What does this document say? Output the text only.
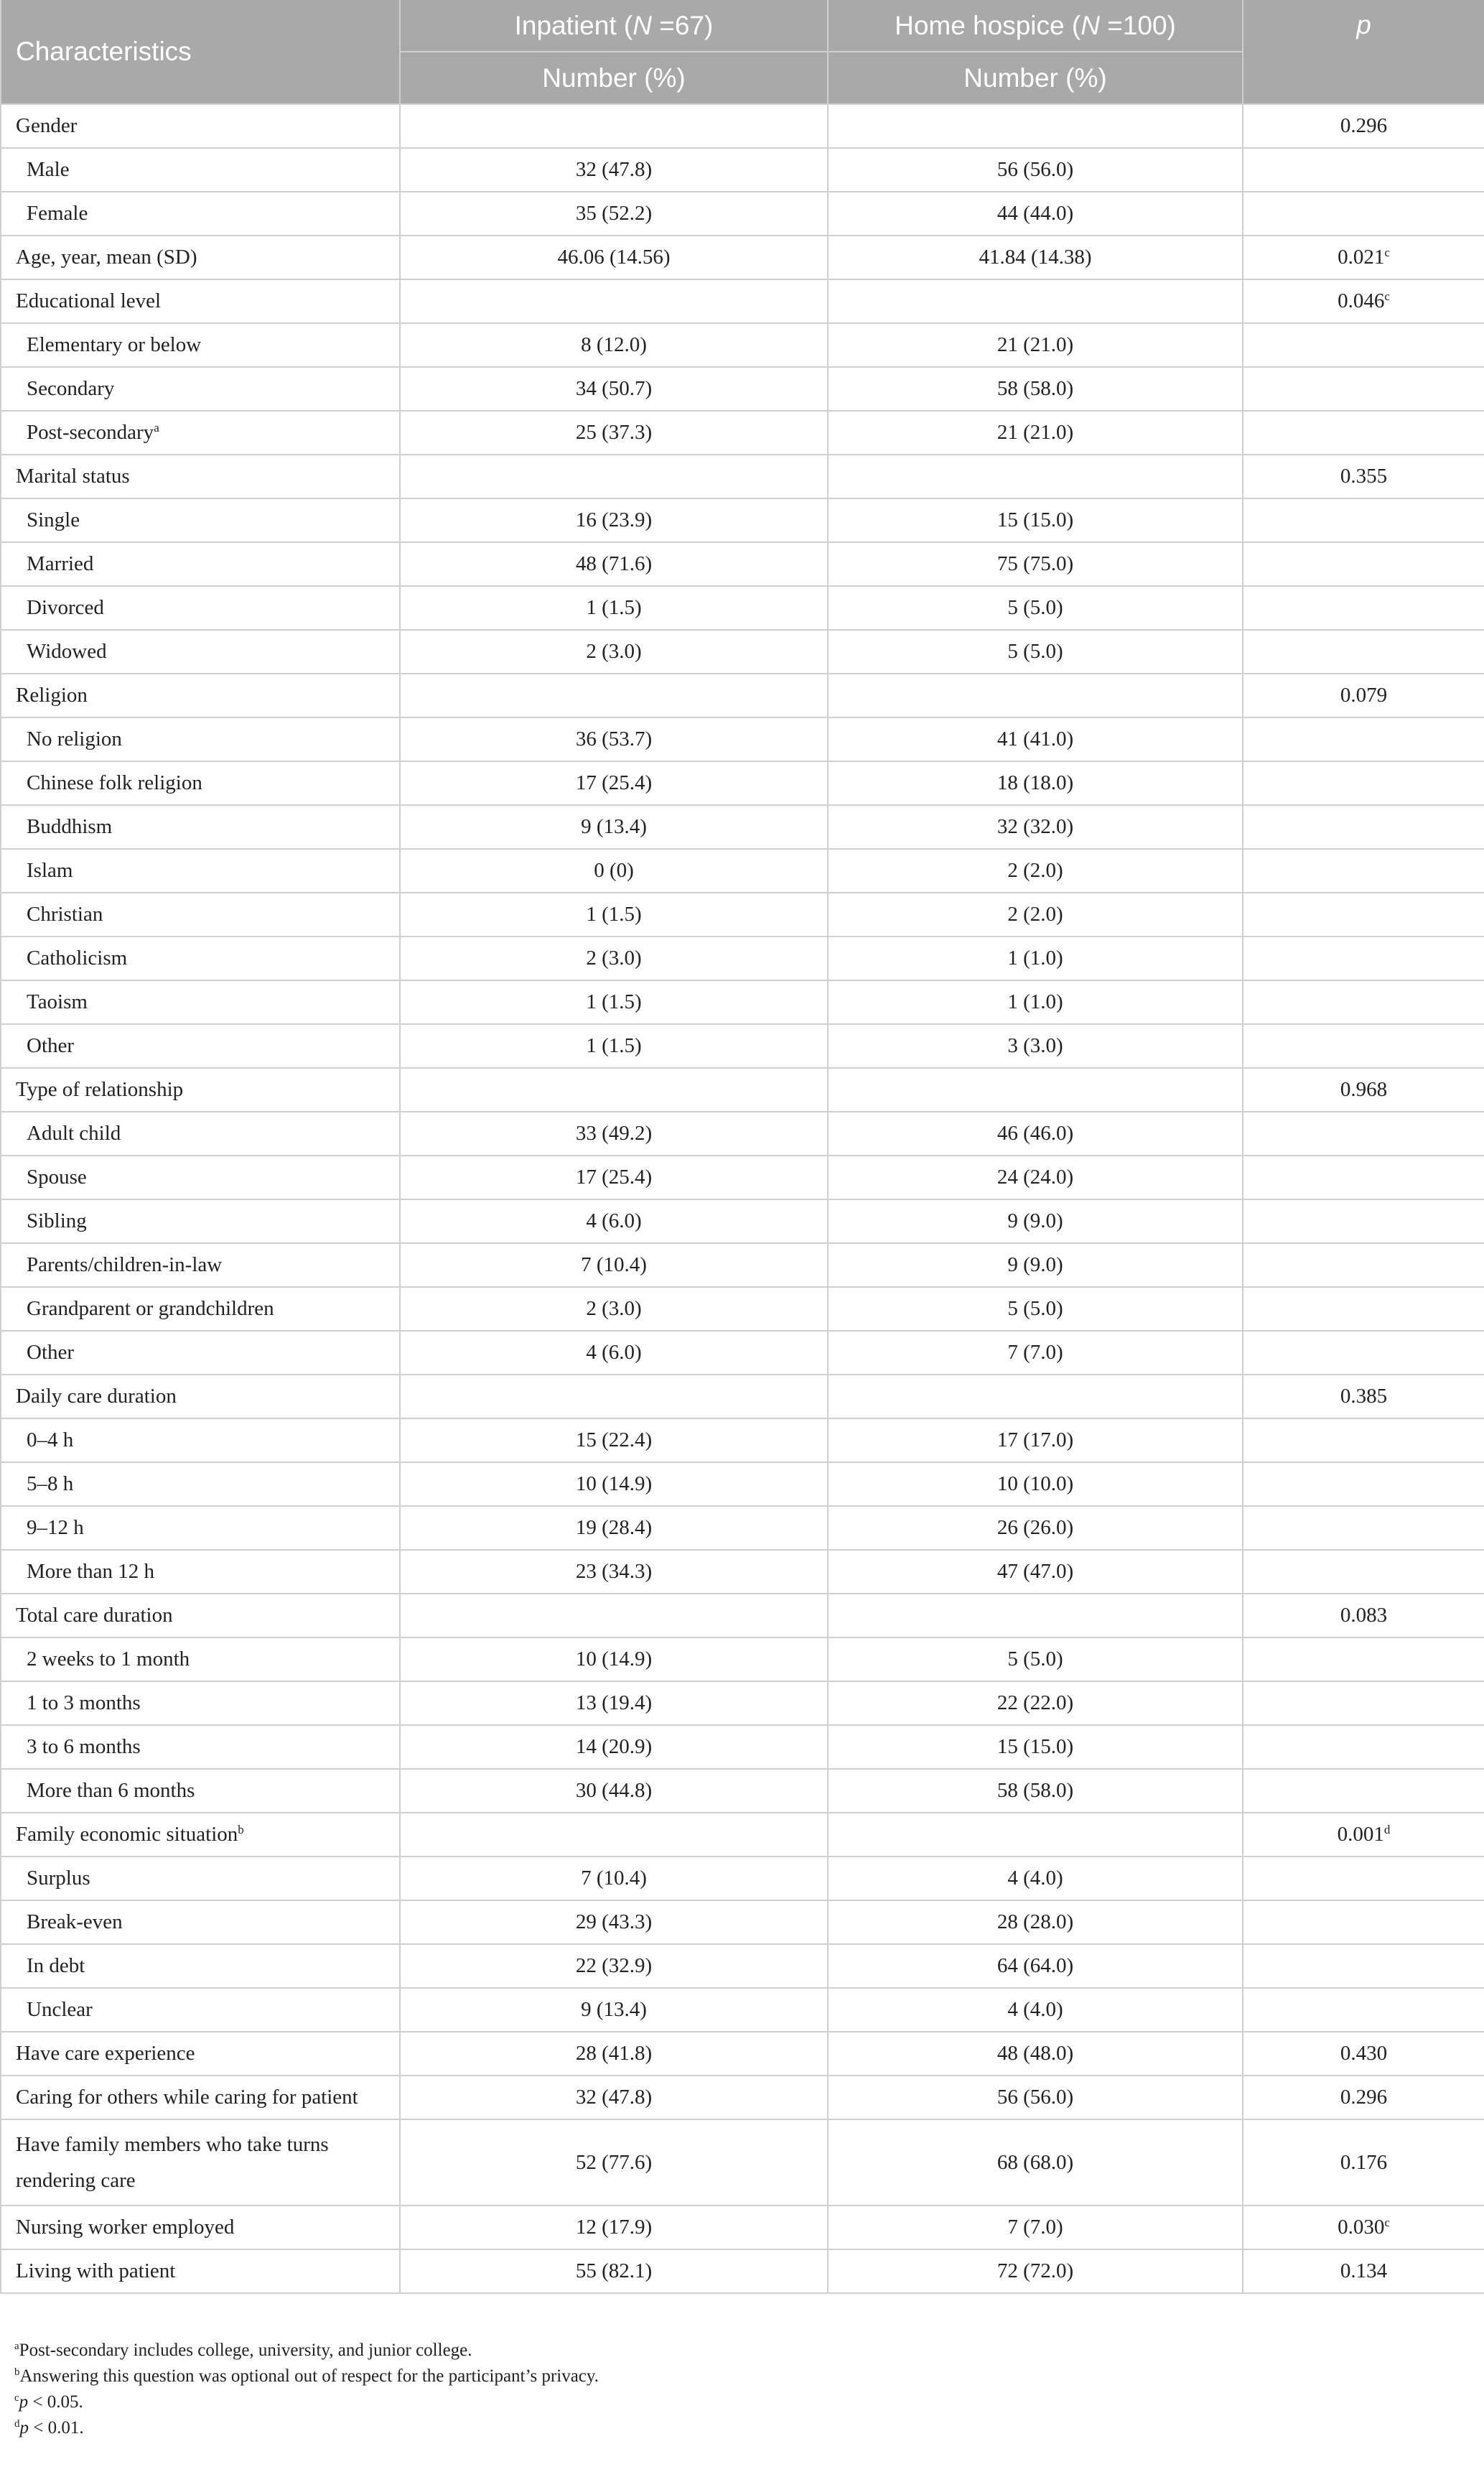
Characteristics	Inpatient (N =67)	Home hospice (N =100)	p
	Number (%)	Number (%)	
Gender			0.296
Male	32 (47.8)	56 (56.0)	
Female	35 (52.2)	44 (44.0)	
Age, year, mean (SD)	46.06 (14.56)	41.84 (14.38)	0.021$^c$
Educational level			0.046$^c$
Elementary or below	8 (12.0)	21 (21.0)	
Secondary	34 (50.7)	58 (58.0)	
Post-secondary$^a$	25 (37.3)	21 (21.0)	
Marital status			0.355
Single	16 (23.9)	15 (15.0)	
Married	48 (71.6)	75 (75.0)	
Divorced	1 (1.5)	5 (5.0)	
Widowed	2 (3.0)	5 (5.0)	
Religion			0.079
No religion	36 (53.7)	41 (41.0)	
Chinese folk religion	17 (25.4)	18 (18.0)	
Buddhism	9 (13.4)	32 (32.0)	
Islam	0 (0)	2 (2.0)	
Christian	1 (1.5)	2 (2.0)	
Catholicism	2 (3.0)	1 (1.0)	
Taoism	1 (1.5)	1 (1.0)	
Other	1 (1.5)	3 (3.0)	
Type of relationship			0.968
Adult child	33 (49.2)	46 (46.0)	
Spouse	17 (25.4)	24 (24.0)	
Sibling	4 (6.0)	9 (9.0)	
Parents/children-in-law	7 (10.4)	9 (9.0)	
Grandparent or grandchildren	2 (3.0)	5 (5.0)	
Other	4 (6.0)	7 (7.0)	
Daily care duration			0.385
0–4 h	15 (22.4)	17 (17.0)	
5–8 h	10 (14.9)	10 (10.0)	
9–12 h	19 (28.4)	26 (26.0)	
More than 12 h	23 (34.3)	47 (47.0)	
Total care duration			0.083
2 weeks to 1 month	10 (14.9)	5 (5.0)	
1 to 3 months	13 (19.4)	22 (22.0)	
3 to 6 months	14 (20.9)	15 (15.0)	
More than 6 months	30 (44.8)	58 (58.0)	
Family economic situation$^b$			0.001$^d$
Surplus	7 (10.4)	4 (4.0)	
Break-even	29 (43.3)	28 (28.0)	
In debt	22 (32.9)	64 (64.0)	
Unclear	9 (13.4)	4 (4.0)	
Have care experience	28 (41.8)	48 (48.0)	0.430
Caring for others while caring for patient	32 (47.8)	56 (56.0)	0.296
Have family members who take turns rendering care	52 (77.6)	68 (68.0)	0.176
Nursing worker employed	12 (17.9)	7 (7.0)	0.030$^c$
Living with patient	55 (82.1)	72 (72.0)	0.134
$^a$Post-secondary includes college, university, and junior college.
$^b$Answering this question was optional out of respect for the participant’s privacy.
$^c$p < 0.05.
$^d$p < 0.01.
